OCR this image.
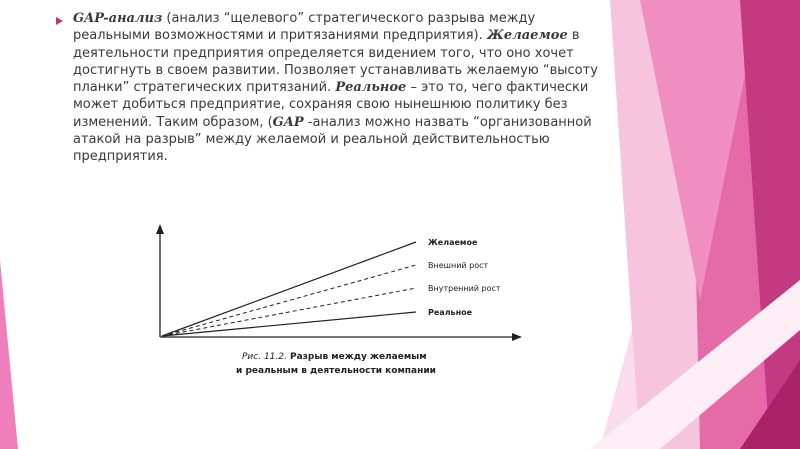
GAP-анализ (анализ “щелевого” стратегического разрыва между реальными возможностями и притязаниями предприятия). Желаемое в деятельности предприятия определяется видением того, что оно хочет достигнуть в своем развитии. Позволяет устанавливать желаемую “высоту планки” стратегических притязаний. Реальное – это то, чего фактически может добиться предприятие, сохраняя свою нынешнюю политику без изменений. Таким образом, (GAP -анализ можно назвать “организованной атакой на разрыв” между желаемой и реальной действительностью предприятия.
Желаемое
Внешний рост
Внутренний рост
Реальное
Рис. 11.2. Разрыв между желаемым
и реальным в деятельности компании
